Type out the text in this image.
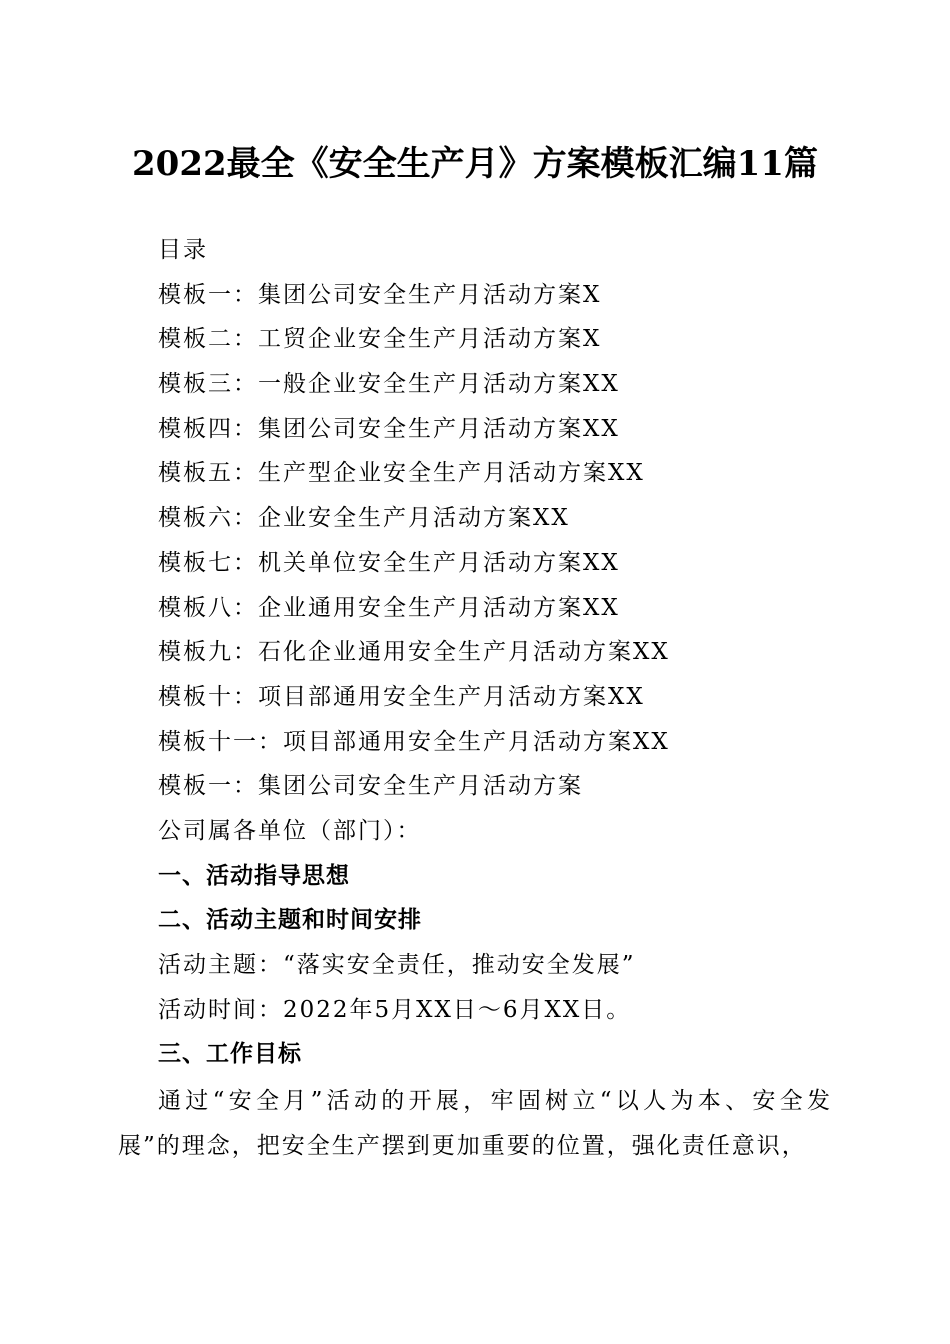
2022最全《安全生产月》方案模板汇编11篇
目录
模板一：集团公司安全生产月活动方案X
模板二：工贸企业安全生产月活动方案X
模板三：一般企业安全生产月活动方案XX
模板四：集团公司安全生产月活动方案XX
模板五：生产型企业安全生产月活动方案XX
模板六：企业安全生产月活动方案XX
模板七：机关单位安全生产月活动方案XX
模板八：企业通用安全生产月活动方案XX
模板九：石化企业通用安全生产月活动方案XX
模板十：项目部通用安全生产月活动方案XX
模板十一：项目部通用安全生产月活动方案XX
模板一：集团公司安全生产月活动方案
公司属各单位（部门）：
一、活动指导思想
二、活动主题和时间安排
活动主题：“落实安全责任，推动安全发展”
活动时间：2022年5月XX日～6月XX日。
三、工作目标
通过“安全月”活动的开展，牢固树立“以人为本、安全发展”的理念，把安全生产摆到更加重要的位置，强化责任意识，
